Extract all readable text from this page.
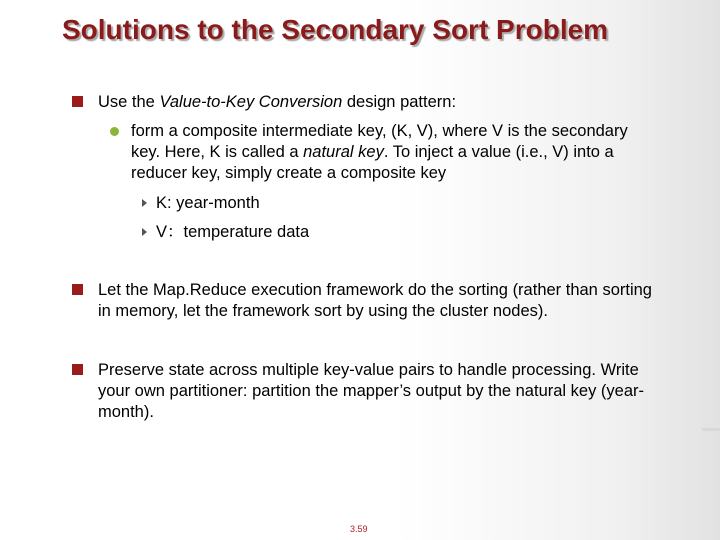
Solutions to the Secondary Sort Problem
Use the Value-to-Key Conversion design pattern:
form a composite intermediate key, (K, V), where V is the secondary key. Here, K is called a natural key. To inject a value (i.e., V) into a reducer key, simply create a composite key
K: year-month
V：temperature data
Let the Map.Reduce execution framework do the sorting (rather than sorting in memory, let the framework sort by using the cluster nodes).
Preserve state across multiple key-value pairs to handle processing. Write your own partitioner: partition the mapper’s output by the natural key (year-month).
3.59
